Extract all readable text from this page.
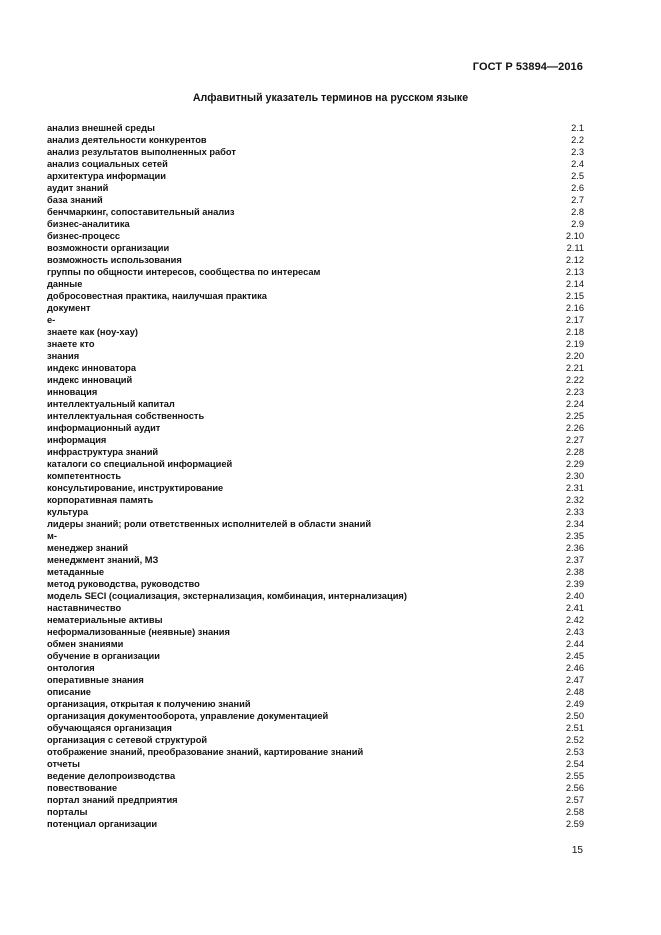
ГОСТ Р 53894—2016

Алфавитный указатель терминов на русском языке
анализ внешней среды	2.1
анализ деятельности конкурентов	2.2
анализ результатов выполненных работ	2.3
анализ социальных сетей	2.4
архитектура информации	2.5
аудит знаний	2.6
база знаний	2.7
бенчмаркинг, сопоставительный анализ	2.8
бизнес-аналитика	2.9
бизнес-процесс	2.10
возможности организации	2.11
возможность использования	2.12
группы по общности интересов, сообщества по интересам	2.13
данные	2.14
добросовестная практика, наилучшая практика	2.15
документ	2.16
е-	2.17
знаете как (ноу-хау)	2.18
знаете кто	2.19
знания	2.20
индекс инноватора	2.21
индекс инноваций	2.22
инновация	2.23
интеллектуальный капитал	2.24
интеллектуальная собственность	2.25
информационный аудит	2.26
информация	2.27
инфраструктура знаний	2.28
каталоги со специальной информацией	2.29
компетентность	2.30
консультирование, инструктирование	2.31
корпоративная память	2.32
культура	2.33
лидеры знаний; роли ответственных исполнителей в области знаний	2.34
м-	2.35
менеджер знаний	2.36
менеджмент знаний, МЗ	2.37
метаданные	2.38
метод руководства, руководство	2.39
модель SECI (социализация, экстернализация, комбинация, интернализация)	2.40
наставничество	2.41
нематериальные активы	2.42
неформализованные (неявные) знания	2.43
обмен знаниями	2.44
обучение в организации	2.45
онтология	2.46
оперативные знания	2.47
описание	2.48
организация, открытая к получению знаний	2.49
организация документооборота, управление документацией	2.50
обучающаяся организация	2.51
организация с сетевой структурой	2.52
отображение знаний, преобразование знаний, картирование знаний	2.53
отчеты	2.54
ведение делопроизводства	2.55
повествование	2.56
портал знаний предприятия	2.57
порталы	2.58
потенциал организации	2.59

15
